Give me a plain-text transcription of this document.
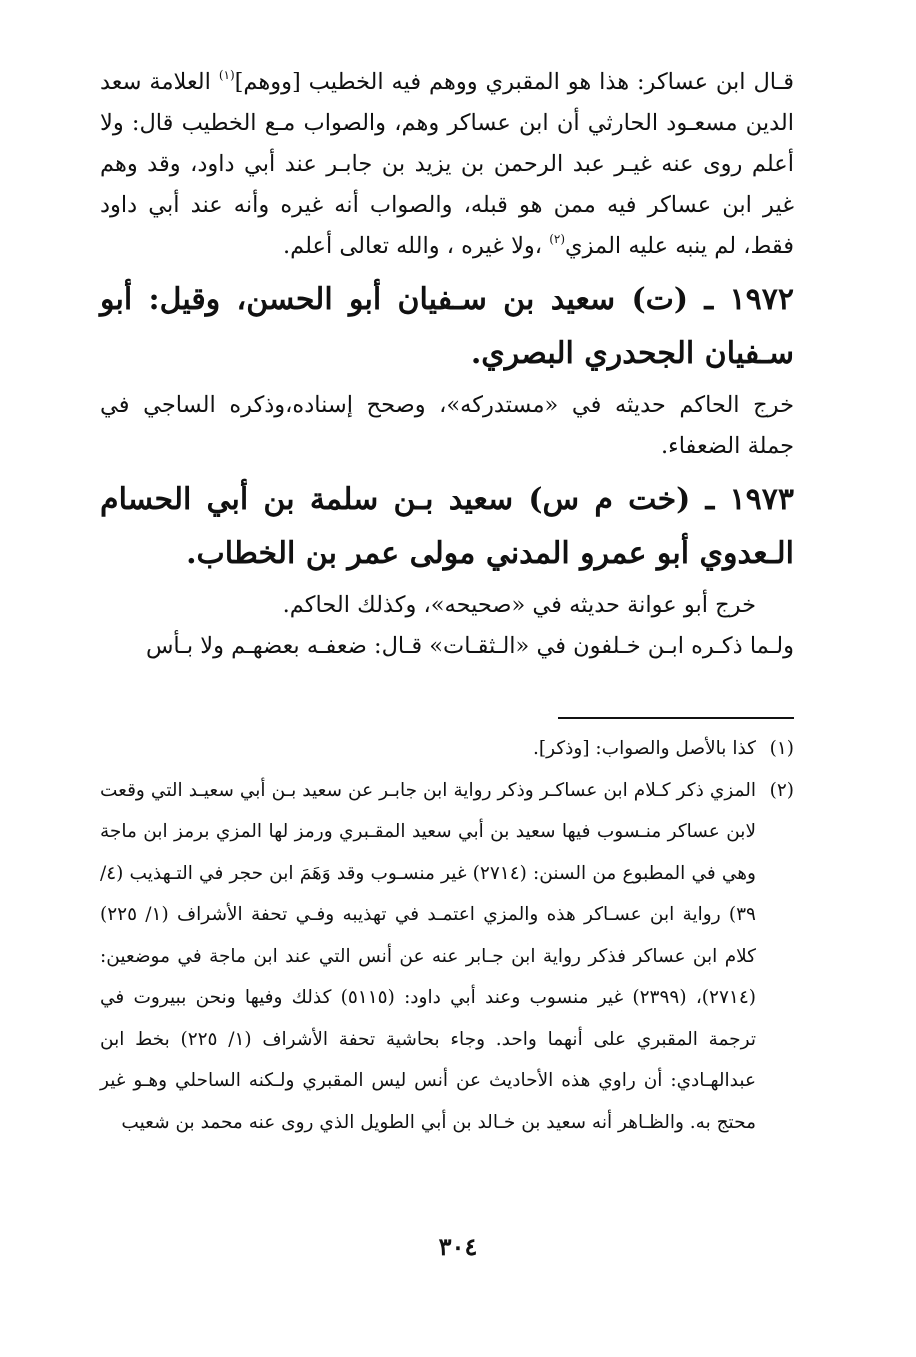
قـال ابن عساكر: هذا هو المقبري ووهم فيه الخطيب [ووهم]$^{(١)}$ العلامة سعد الدين مسعـود الحارثي أن ابن عساكر وهم، والصواب مـع الخطيب قال: ولا أعلم روى عنه غيـر عبد الرحمن بن يزيد بن جابـر عند أبي داود، وقد وهم غير ابن عساكر فيه ممن هو قبله، والصواب أنه غيره وأنه عند أبي داود فقط، لم ينبه عليه المزي$^{(٢)}$ ،ولا غيره ، والله تعالى أعلم.

١٩٧٢ ـ (ت) سعيد بن سـفيان أبو الحسن، وقيل: أبو سـفيان الجحدري البصري.

خرج الحاكم حديثه في «مستدركه»، وصحح إسناده،وذكره الساجي في جملة الضعفاء.

١٩٧٣ ـ (خت م س) سعيد بـن سلمة بن أبي الحسام الـعدوي أبو عمرو المدني مولى عمر بن الخطاب.

خرج أبو عوانة حديثه في «صحيحه»، وكذلك الحاكم.

ولـما ذكـره ابـن خـلفون في «الـثقـات» قـال: ضعفـه بعضهـم ولا بـأس

(١)
كذا بالأصل والصواب: [وذكر].
(٢)
المزي ذكر كـلام ابن عساكـر وذكر رواية ابن جابـر عن سعيد بـن أبي سعيـد التي وقعت لابن عساكر منـسوب فيها سعيد بن أبي سعيد المقـبري ورمز لها المزي برمز ابن ماجة وهي في المطبوع من السنن: (٢٧١٤) غير منسـوب وقد وَهَمَ ابن حجر في التـهذيب (٤/ ٣٩) رواية ابن عسـاكر هذه والمزي اعتمـد في تهذيبه وفـي تحفة الأشراف (١/ ٢٢٥) كلام ابن عساكر فذكر رواية ابن جـابر عنه عن أنس التي عند ابن ماجة في موضعين:(٢٧١٤)، (٢٣٩٩) غير منسوب وعند أبي داود: (٥١١٥) كذلك وفيها ونحن ببيروت في ترجمة المقبري على أنهما واحد. وجاء بحاشية تحفة الأشراف (١/ ٢٢٥) بخط ابن عبدالهـادي: أن راوي هذه الأحاديث عن أنس ليس المقبري ولـكنه الساحلي وهـو غير محتج به. والظـاهر أنه سعيد بن خـالد بن أبي الطويل الذي روى عنه محمد بن شعيب
٣٠٤
